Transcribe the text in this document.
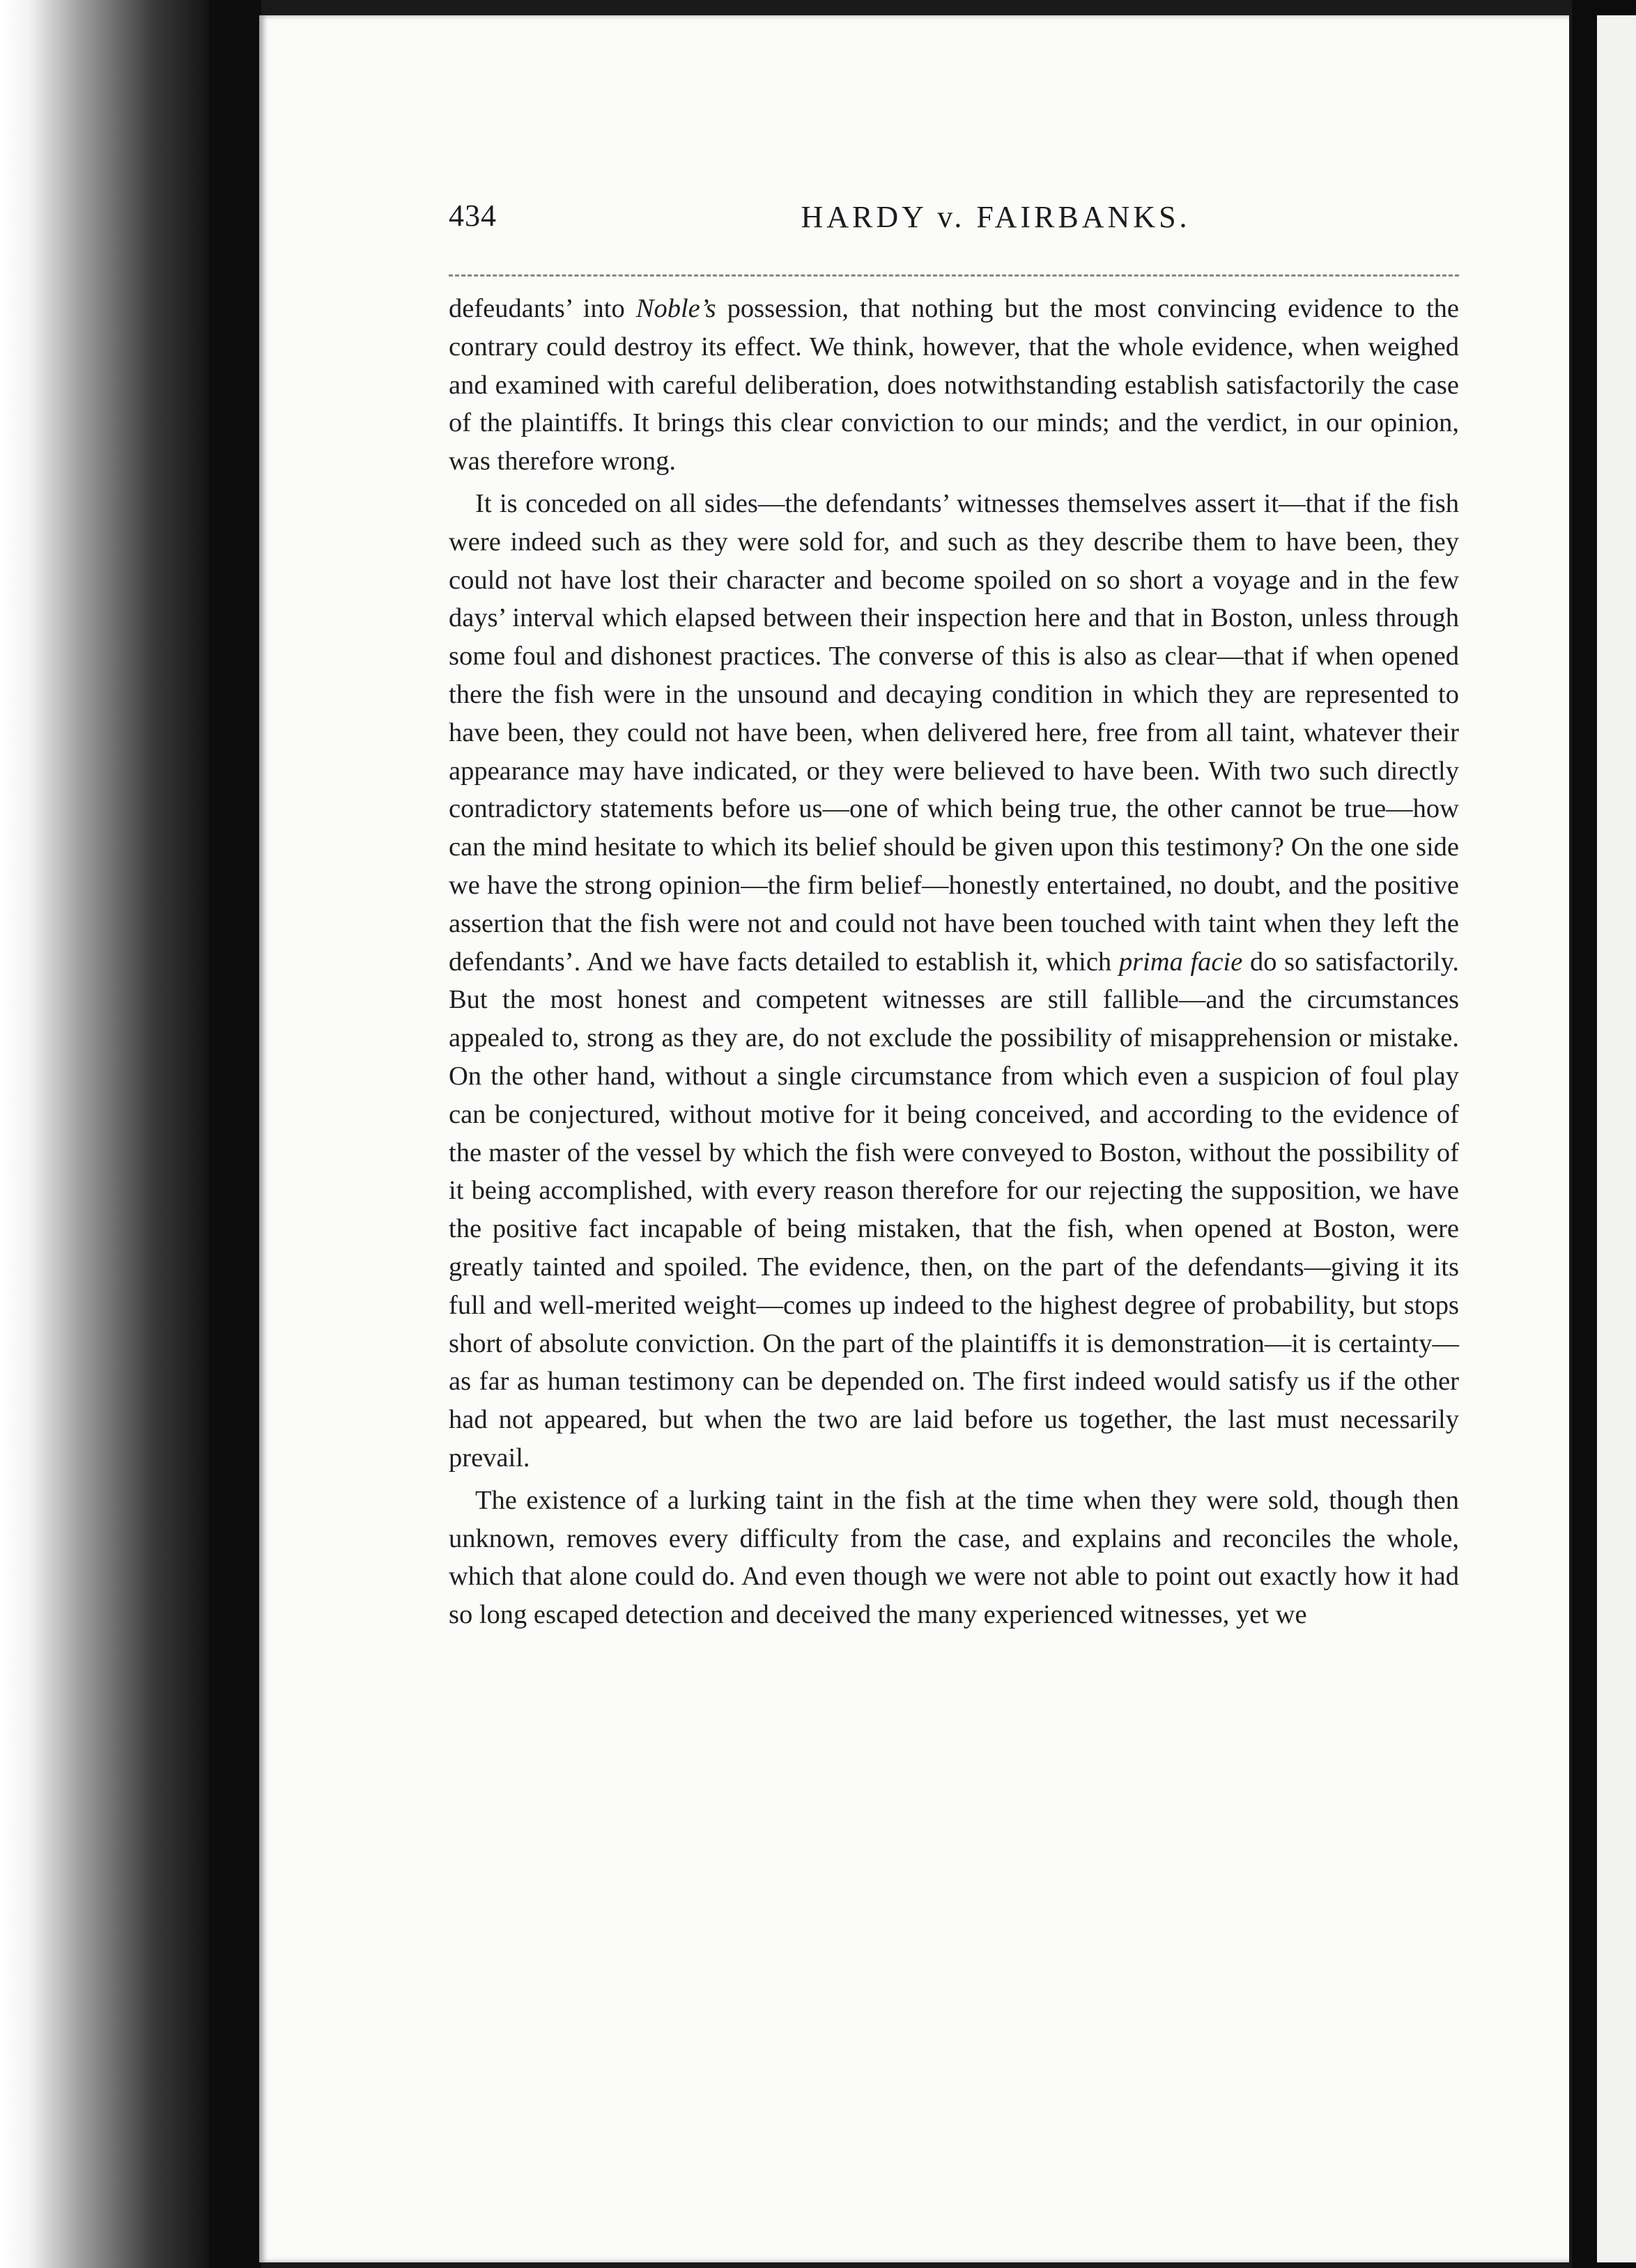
434	HARDY v. FAIRBANKS.

defeudants’ into Noble’s possession, that nothing but the most convincing evidence to the contrary could destroy its effect. We think, however, that the whole evidence, when weighed and examined with careful deliberation, does notwithstanding establish satisfactorily the case of the plaintiffs. It brings this clear conviction to our minds; and the verdict, in our opinion, was therefore wrong.

It is conceded on all sides—the defendants’ witnesses themselves assert it—that if the fish were indeed such as they were sold for, and such as they describe them to have been, they could not have lost their character and become spoiled on so short a voyage and in the few days’ interval which elapsed between their inspection here and that in Boston, unless through some foul and dishonest practices. The converse of this is also as clear—that if when opened there the fish were in the unsound and decaying condition in which they are represented to have been, they could not have been, when delivered here, free from all taint, whatever their appearance may have indicated, or they were believed to have been. With two such directly contradictory statements before us—one of which being true, the other cannot be true—how can the mind hesitate to which its belief should be given upon this testimony? On the one side we have the strong opinion—the firm belief—honestly entertained, no doubt, and the positive assertion that the fish were not and could not have been touched with taint when they left the defendants’. And we have facts detailed to establish it, which prima facie do so satisfactorily. But the most honest and competent witnesses are still fallible—and the circumstances appealed to, strong as they are, do not exclude the possibility of misapprehension or mistake. On the other hand, without a single circumstance from which even a suspicion of foul play can be conjectured, without motive for it being conceived, and according to the evidence of the master of the vessel by which the fish were conveyed to Boston, without the possibility of it being accomplished, with every reason therefore for our rejecting the supposition, we have the positive fact incapable of being mistaken, that the fish, when opened at Boston, were greatly tainted and spoiled. The evidence, then, on the part of the defendants—giving it its full and well-merited weight—comes up indeed to the highest degree of probability, but stops short of absolute conviction. On the part of the plaintiffs it is demonstration—it is certainty—as far as human testimony can be depended on. The first indeed would satisfy us if the other had not appeared, but when the two are laid before us together, the last must necessarily prevail.

The existence of a lurking taint in the fish at the time when they were sold, though then unknown, removes every difficulty from the case, and explains and reconciles the whole, which that alone could do. And even though we were not able to point out exactly how it had so long escaped detection and deceived the many experienced witnesses, yet we
